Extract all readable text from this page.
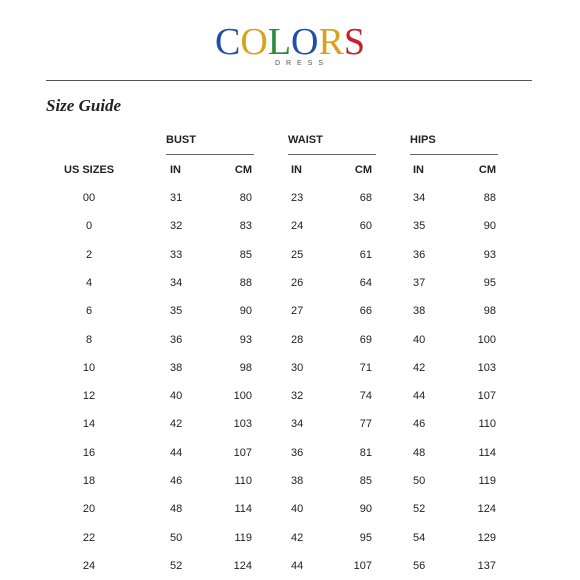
COLORS
DRESS
Size Guide
BUST	WAIST	HIPS
US SIZES	IN	CM	IN	CM	IN	CM
00	31	80	23	68	34	88
0	32	83	24	60	35	90
2	33	85	25	61	36	93
4	34	88	26	64	37	95
6	35	90	27	66	38	98
8	36	93	28	69	40	100
10	38	98	30	71	42	103
12	40	100	32	74	44	107
14	42	103	34	77	46	110
16	44	107	36	81	48	114
18	46	110	38	85	50	119
20	48	114	40	90	52	124
22	50	119	42	95	54	129
24	52	124	44	107	56	137
